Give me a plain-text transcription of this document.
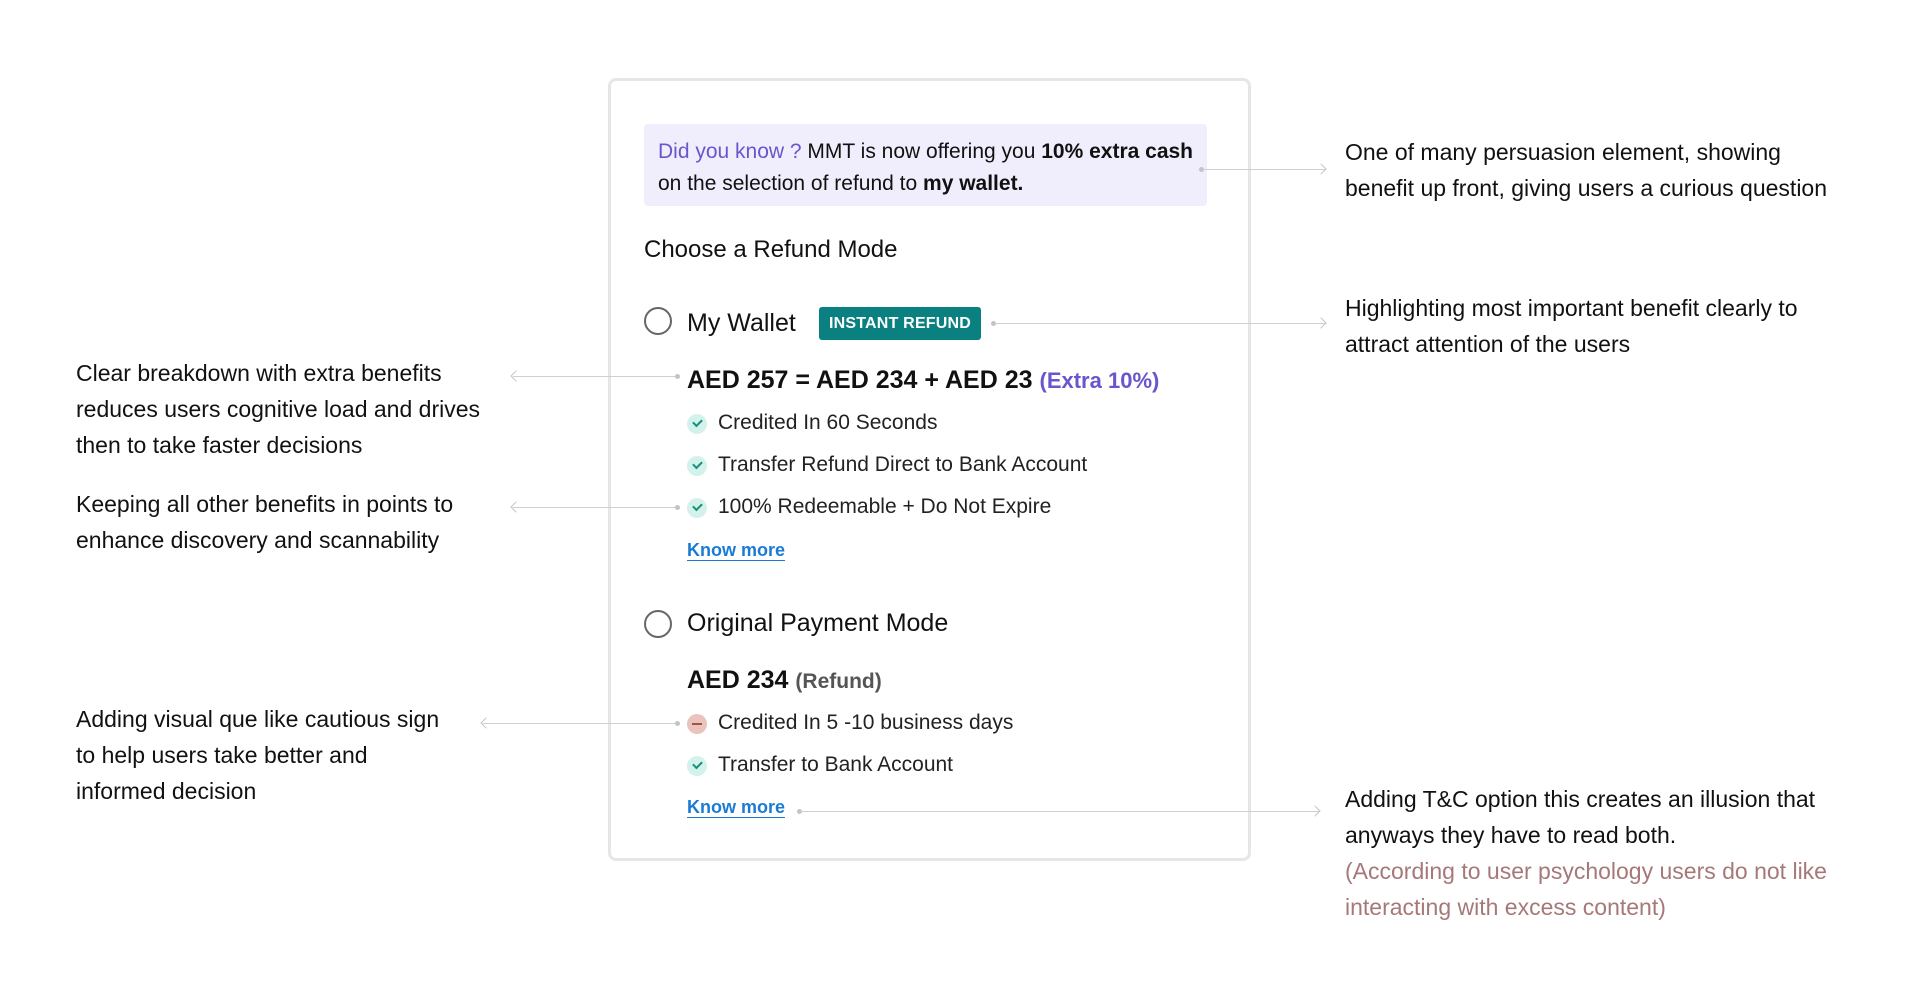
Did you know ? MMT is now offering you 10% extra cash on the selection of refund to my wallet.
Choose a Refund Mode
My Wallet	INSTANT REFUND
AED 257 = AED 234 + AED 23 (Extra 10%)
Credited In 60 Seconds
Transfer Refund Direct to Bank Account
100% Redeemable + Do Not Expire
Know more
Original Payment Mode
AED 234 (Refund)
Credited In 5 -10 business days
Transfer to Bank Account
Know more
One of many persuasion element, showing
benefit up front, giving users a curious question
Highlighting most important benefit clearly to
attract attention of the users
Clear breakdown with extra benefits
reduces users cognitive load and drives
then to take faster decisions
Keeping all other benefits in points to
enhance discovery and scannability
Adding visual que like cautious sign
to help users take better and
informed decision	Adding T&C option this creates an illusion that
anyways they have to read both.
(According to user psychology users do not like
interacting with excess content)
